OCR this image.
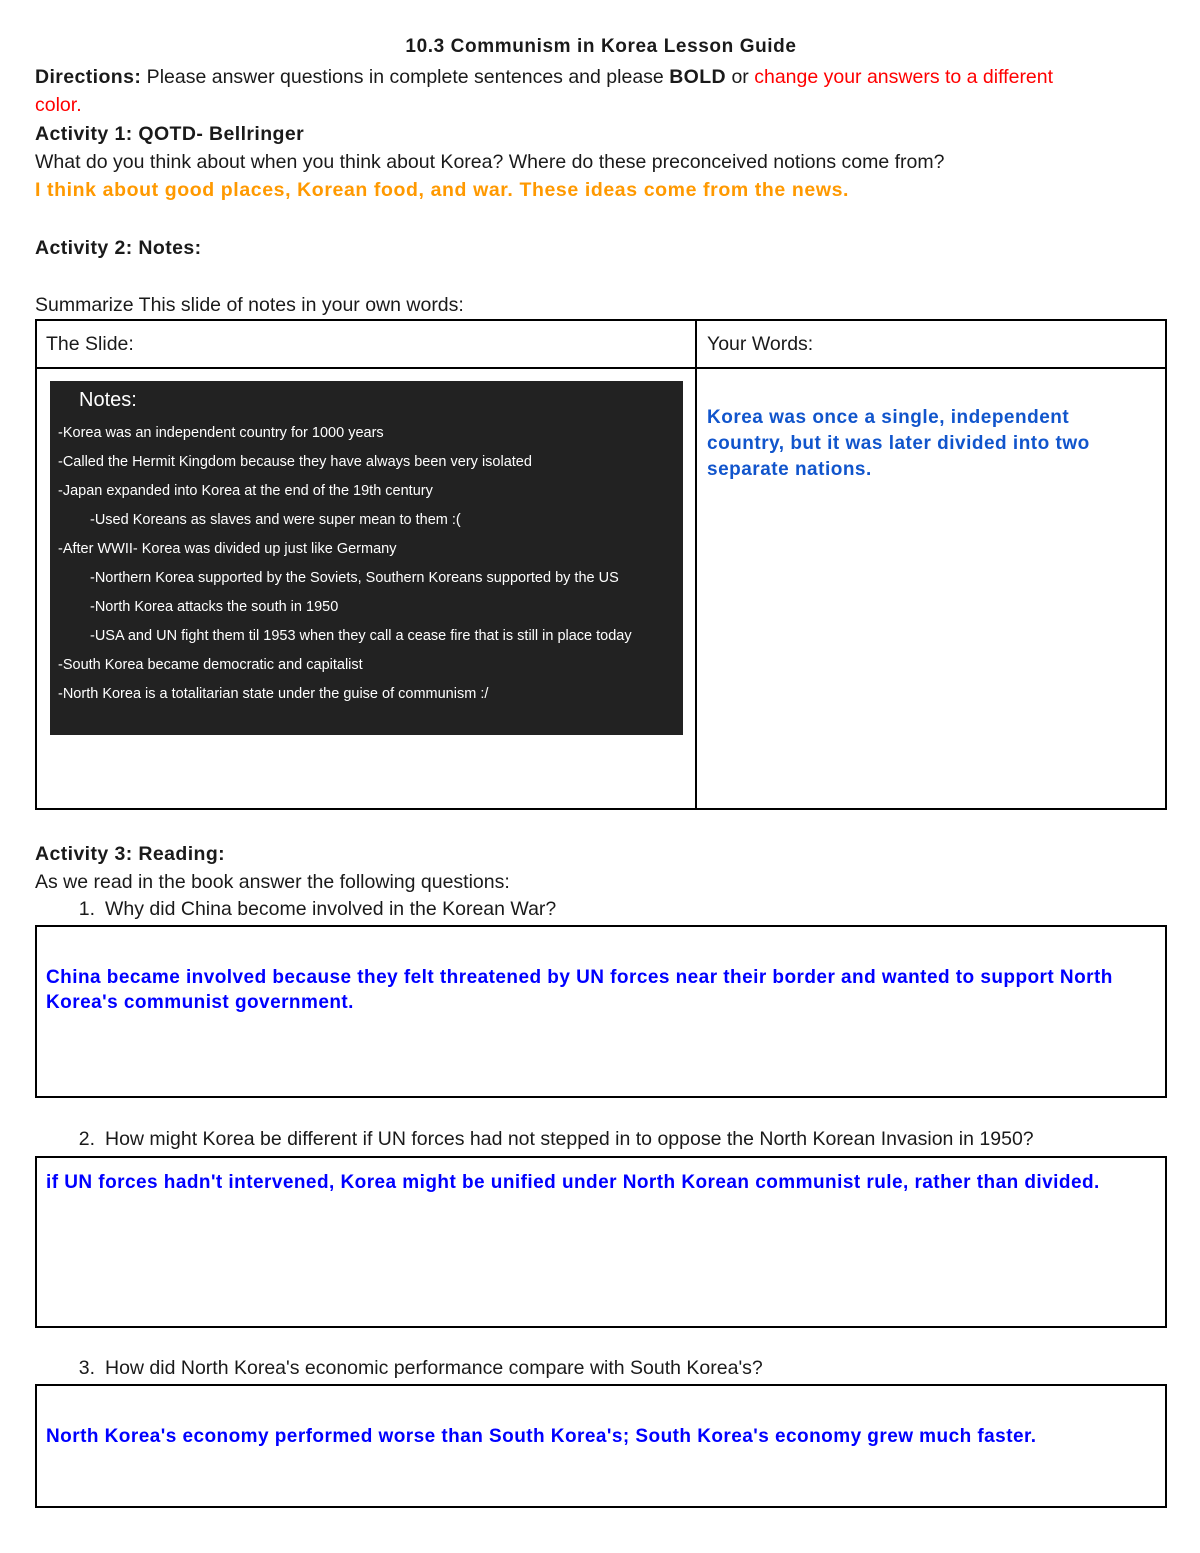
10.3 Communism in Korea Lesson Guide
Directions: Please answer questions in complete sentences and please BOLD or change your answers to a different
color.
Activity 1: QOTD- Bellringer
What do you think about when you think about Korea? Where do these preconceived notions come from?
I think about good places, Korean food, and war. These ideas come from the news.
Activity 2: Notes:
Summarize This slide of notes in your own words:
The Slide:	Your Words:
Notes:
-Korea was an independent country for 1000 years
-Called the Hermit Kingdom because they have always been very isolated
-Japan expanded into Korea at the end of the 19th century
-Used Koreans as slaves and were super mean to them :(
-After WWII- Korea was divided up just like Germany
-Northern Korea supported by the Soviets, Southern Koreans supported by the US
-North Korea attacks the south in 1950
-USA and UN fight them til 1953 when they call a cease fire that is still in place today
-South Korea became democratic and capitalist
-North Korea is a totalitarian state under the guise of communism :/
Korea was once a single, independent country, but it was later divided into two separate nations.
Activity 3: Reading:
As we read in the book answer the following questions:
1. Why did China become involved in the Korean War?
China became involved because they felt threatened by UN forces near their border and wanted to support North Korea's communist government.
2. How might Korea be different if UN forces had not stepped in to oppose the North Korean Invasion in 1950?
if UN forces hadn't intervened, Korea might be unified under North Korean communist rule, rather than divided.
3. How did North Korea's economic performance compare with South Korea's?
North Korea's economy performed worse than South Korea's; South Korea's economy grew much faster.
